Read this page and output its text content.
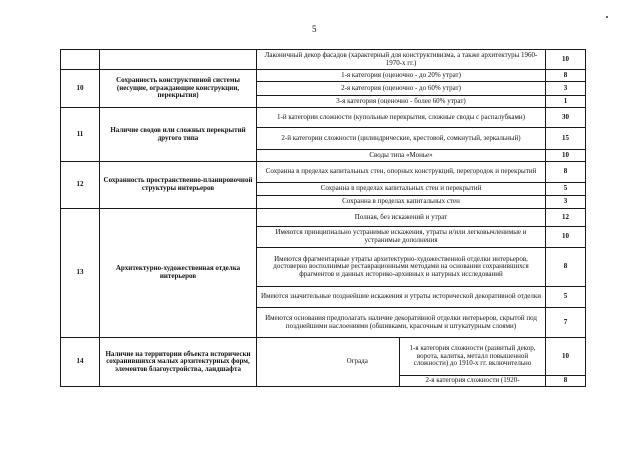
5
		Лаконичный декор фасадов (характерный для конструктивизма, а также архитектуры 1960-1970-х гг.)			10
10	Сохранность конструктивной системы (несущие, ограждающие конструкции, перекрытия)	1-я категория (оценочно - до 20% утрат)			8
		2-я категория (оценочно - до 60% утрат)			3
		3-я категория (оценочно - более 60% утрат)			1
11	Наличие сводов или сложных перекрытий другого типа	1-й категории сложности (купольные перекрытия, сложные своды с распалубками)			30
		2-й категории сложности (цилиндрические, крестовой, сомкнутый, зеркальный)			15
		Своды типа «Монье»			10
12	Сохранность пространственно-планировочной структуры интерьеров	Сохранна в пределах капитальных стен, опорных конструкций, перегородок и перекрытий			8
		Сохранна в пределах капитальных стен и перекрытий			5
		Сохранна в пределах капитальных стен			3
13	Архитектурно-художественная отделка интерьеров	Полная, без искажений и утрат			12
		Имеются принципиально устранимые искажения, утраты и/или легковычленимые и устранимые дополнения			10
		Имеются фрагментарные утраты архитектурно-художественной отделки интерьеров, достоверно восполнимые реставрационными методами на основании сохранившихся фрагментов и данных историко-архивных и натурных исследований			8
		Имеются значительные позднейшие искажения и утраты исторической декоративной отделки			5
		Имеются основания предполагать наличие декоративной отделки интерьеров, скрытой под позднейшими наслоениями (обшивками, красочным и штукатурным слоями)			7
14	Наличие на территории объекта исторически сохранившихся малых архитектурных форм, элементов благоустройства, ландшафта		Ограда	1-я категория сложности (развитый декор, ворота, калитка, металл повышенной сложности) до 1910-х гг. включительно	10
				2-я категория сложности (1920-	8
